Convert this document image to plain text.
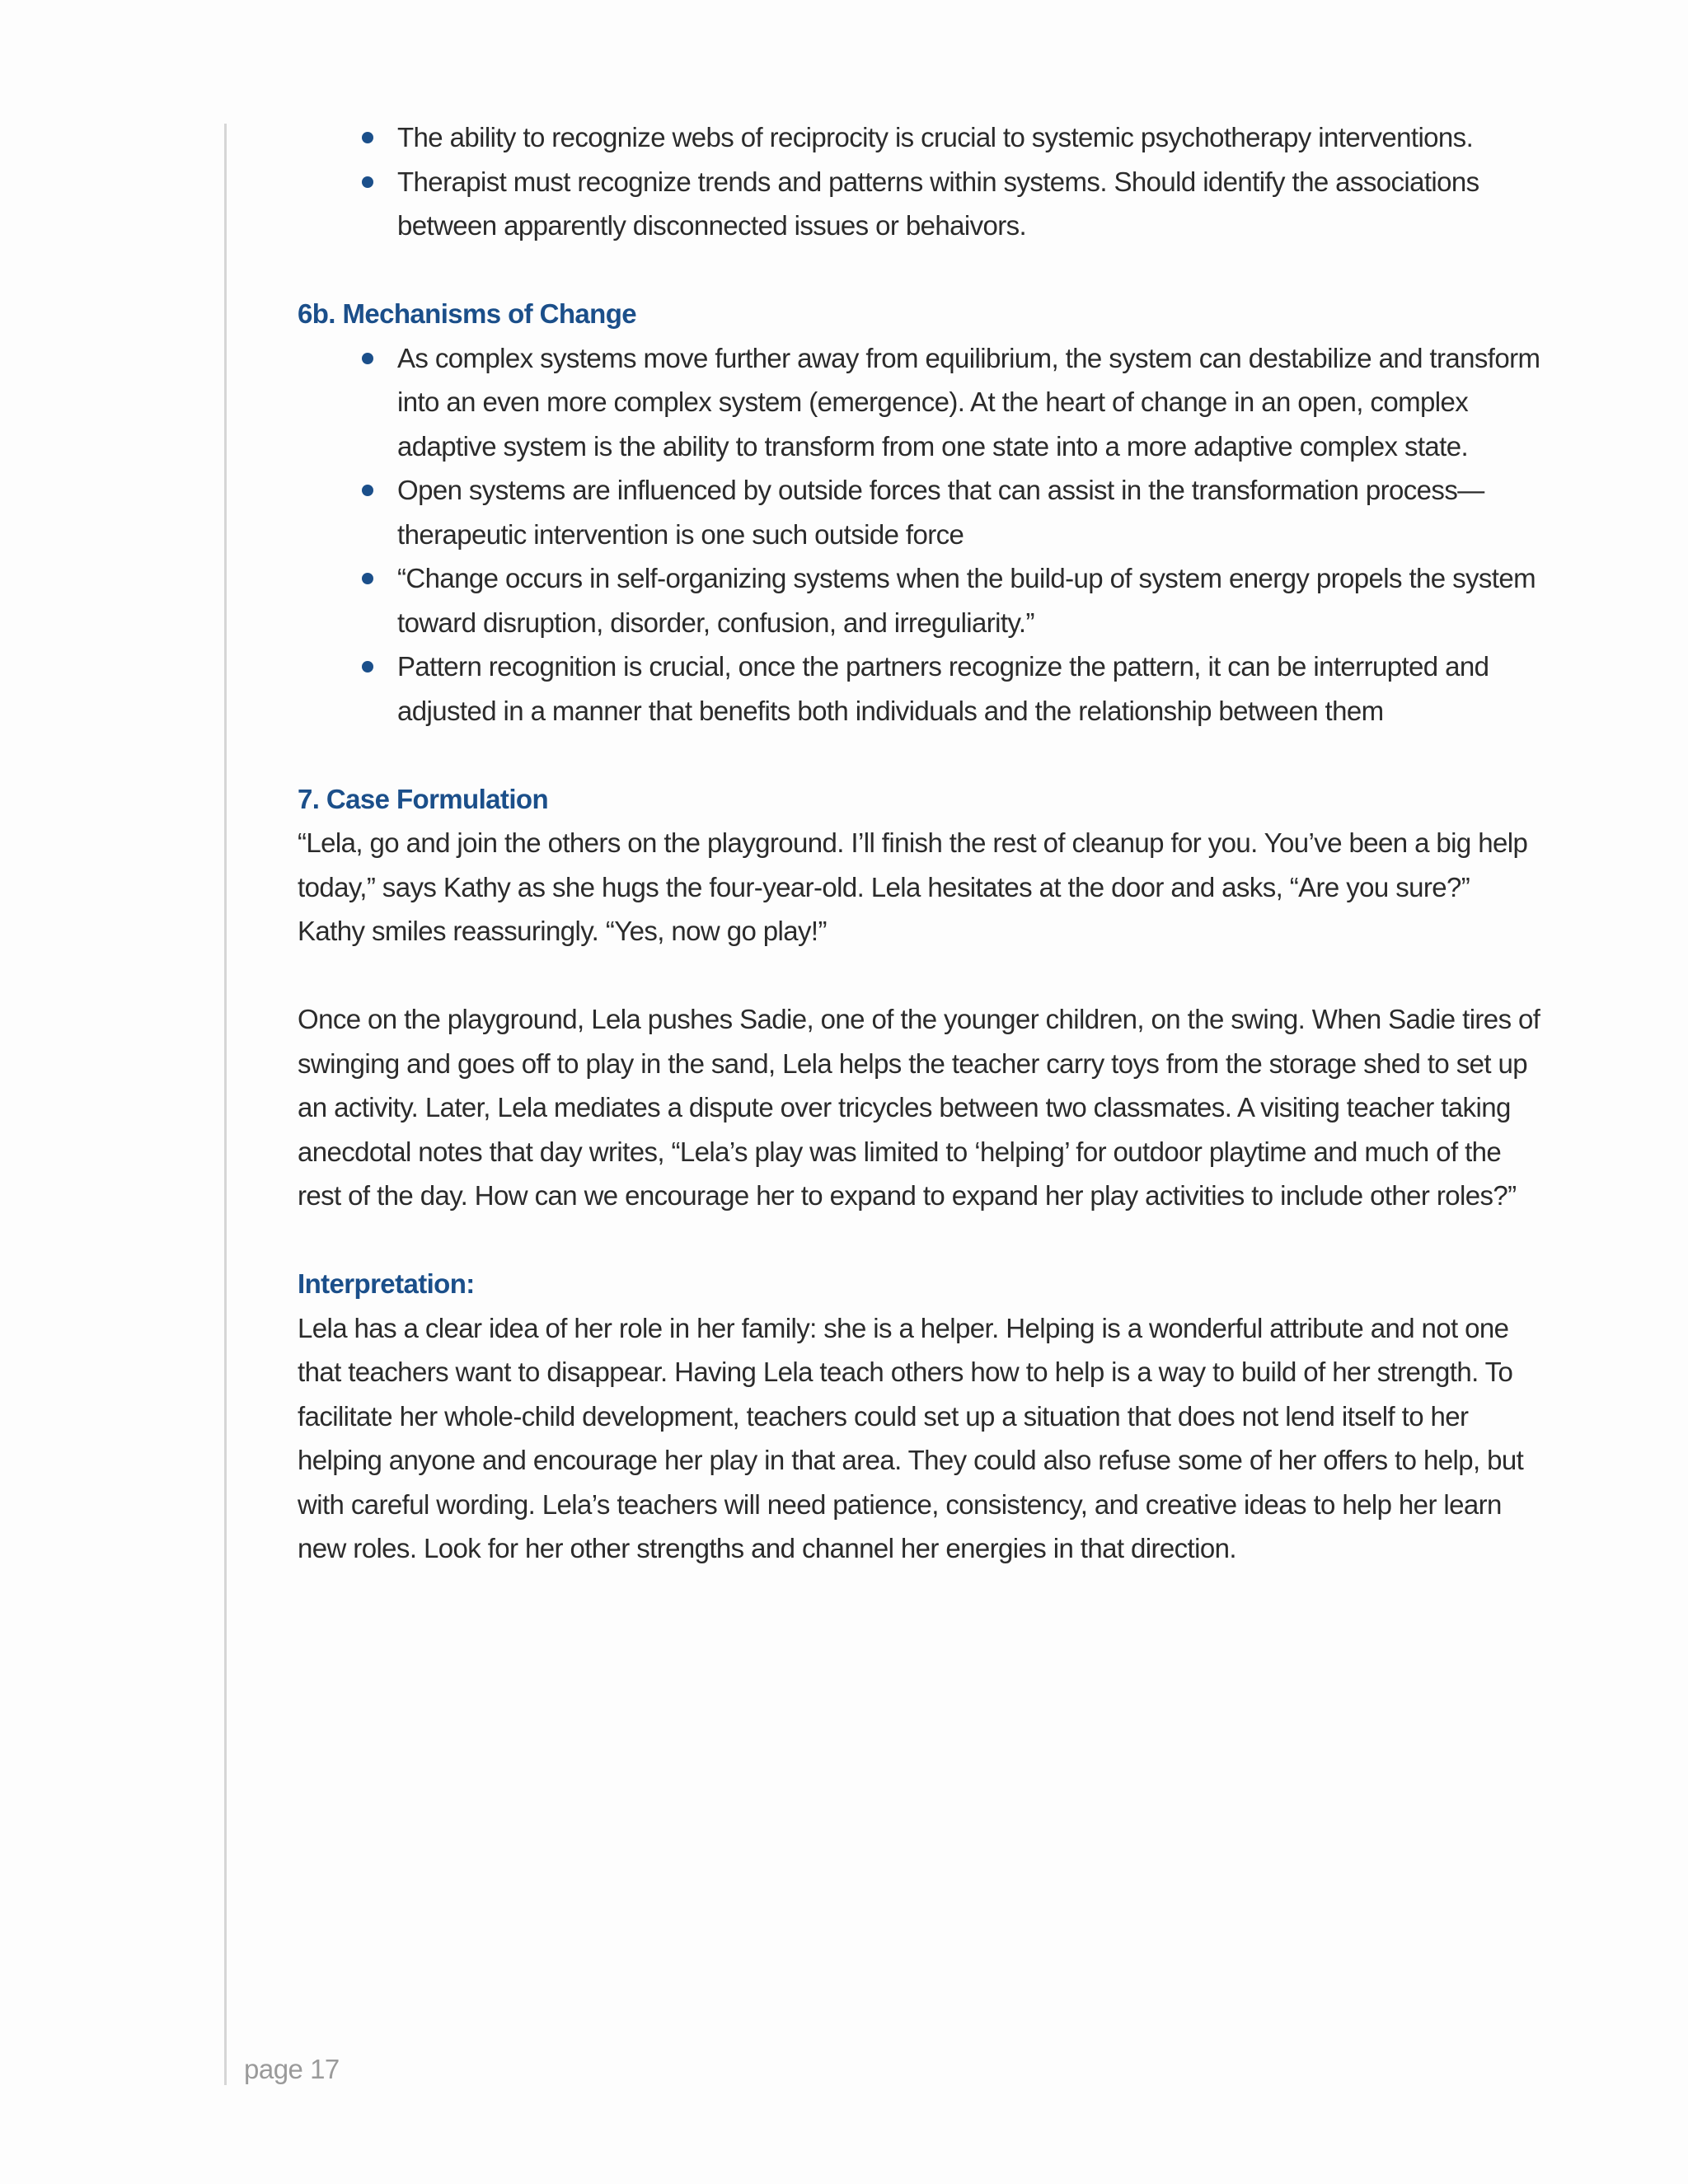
The ability to recognize webs of reciprocity is crucial to systemic psychotherapy interventions.
Therapist must recognize trends and patterns within systems. Should identify the associations between apparently disconnected issues or behaivors.
6b. Mechanisms of Change
As complex systems move further away from equilibrium, the system can destabilize and transform into an even more complex system (emergence). At the heart of change in an open, complex adaptive system is the ability to transform from one state into a more adaptive complex state.
Open systems are influenced by outside forces that can assist in the transformation process—therapeutic intervention is one such outside force
“Change occurs in self-organizing systems when the build-up of system energy propels the system toward disruption, disorder, confusion, and irreguliarity.”
Pattern recognition is crucial, once the partners recognize the pattern, it can be interrupted and adjusted in a manner that benefits both individuals and the relationship between them
7. Case Formulation

“Lela, go and join the others on the playground. I’ll finish the rest of cleanup for you. You’ve been a big help today,” says Kathy as she hugs the four-year-old. Lela hesitates at the door and asks, “Are you sure?” Kathy smiles reassuringly. “Yes, now go play!”

Once on the playground, Lela pushes Sadie, one of the younger children, on the swing. When Sadie tires of swinging and goes off to play in the sand, Lela helps the teacher carry toys from the storage shed to set up an activity. Later, Lela mediates a dispute over tricycles between two classmates. A visiting teacher taking anecdotal notes that day writes, “Lela’s play was limited to ‘helping’ for outdoor playtime and much of the rest of the day. How can we encourage her to expand to expand her play activities to include other roles?”

Interpretation:

Lela has a clear idea of her role in her family: she is a helper. Helping is a wonderful attribute and not one that teachers want to disappear. Having Lela teach others how to help is a way to build of her strength. To facilitate her whole-child development, teachers could set up a situation that does not lend itself to her helping anyone and encourage her play in that area. They could also refuse some of her offers to help, but with careful wording. Lela’s teachers will need patience, consistency, and creative ideas to help her learn new roles. Look for her other strengths and channel her energies in that direction.

page 17
